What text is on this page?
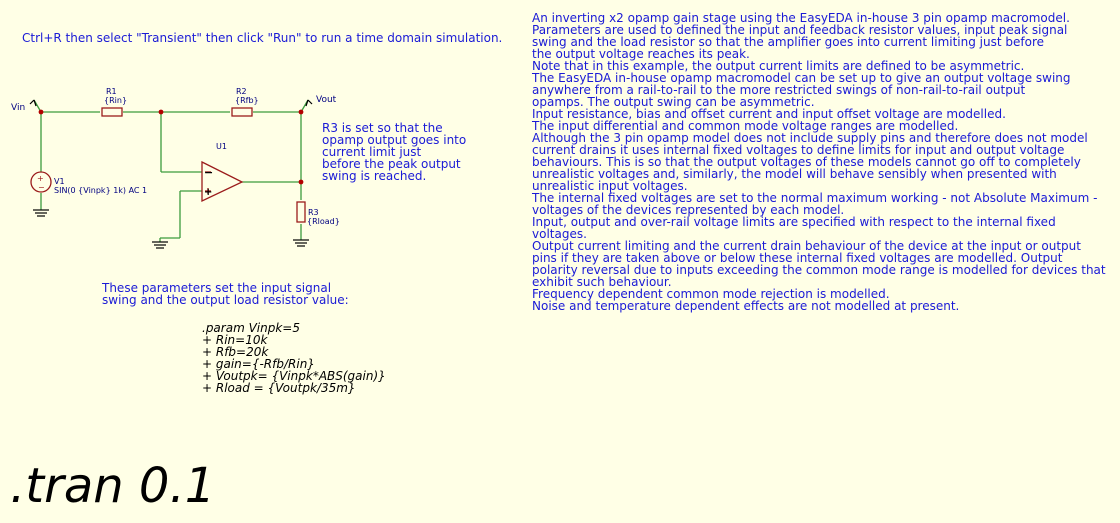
Ctrl+R then select "Transient" then click "Run" to run a time domain simulation.
R3 is set so that the
opamp output goes into
current limit just
before the peak output
swing is reached.
These parameters set the input signal
swing and the output load resistor value:
.param Vinpk=5
+ Rin=10k
+ Rfb=20k
+ gain={-Rfb/Rin}
+ Voutpk= {Vinpk*ABS(gain)}
+ Rload = {Voutpk/35m}
An inverting x2 opamp gain stage using the EasyEDA in-house 3 pin opamp macromodel.
Parameters are used to defined the input and feedback resistor values, input peak signal
swing and the load resistor so that the amplifier goes into current limiting just before
the output voltage reaches its peak.
Note that in this example, the output current limits are defined to be asymmetric.
The EasyEDA in-house opamp macromodel can be set up to give an output voltage swing
anywhere from a rail-to-rail to the more restricted swings of non-rail-to-rail output
opamps. The output swing can be asymmetric.
Input resistance, bias and offset current and input offset voltage are modelled.
The input differential and common mode voltage ranges are modelled.
Although the 3 pin opamp model does not include supply pins and therefore does not model
current drains it uses internal fixed voltages to define limits for input and output voltage
behaviours. This is so that the output voltages of these models cannot go off to completely
unrealistic voltages and, similarly, the model will behave sensibly when presented with
unrealistic input voltages.
The internal fixed voltages are set to the normal maximum working - not Absolute Maximum -
voltages of the devices represented by each model.
Input, output and over-rail voltage limits are specified with respect to the internal fixed
voltages.
Output current limiting and the current drain behaviour of the device at the input or output
pins if they are taken above or below these internal fixed voltages are modelled. Output
polarity reversal due to inputs exceeding the common mode range is modelled for devices that
exhibit such behaviour.
Frequency dependent common mode rejection is modelled.
Noise and temperature dependent effects are not modelled at present.
.tran 0.1
Vin
Vout
R1
{Rin}
R2
{Rfb}
R3
{Rload}
U1
V1
SIN(0 {Vinpk} 1k) AC 1
−
+
+
−
